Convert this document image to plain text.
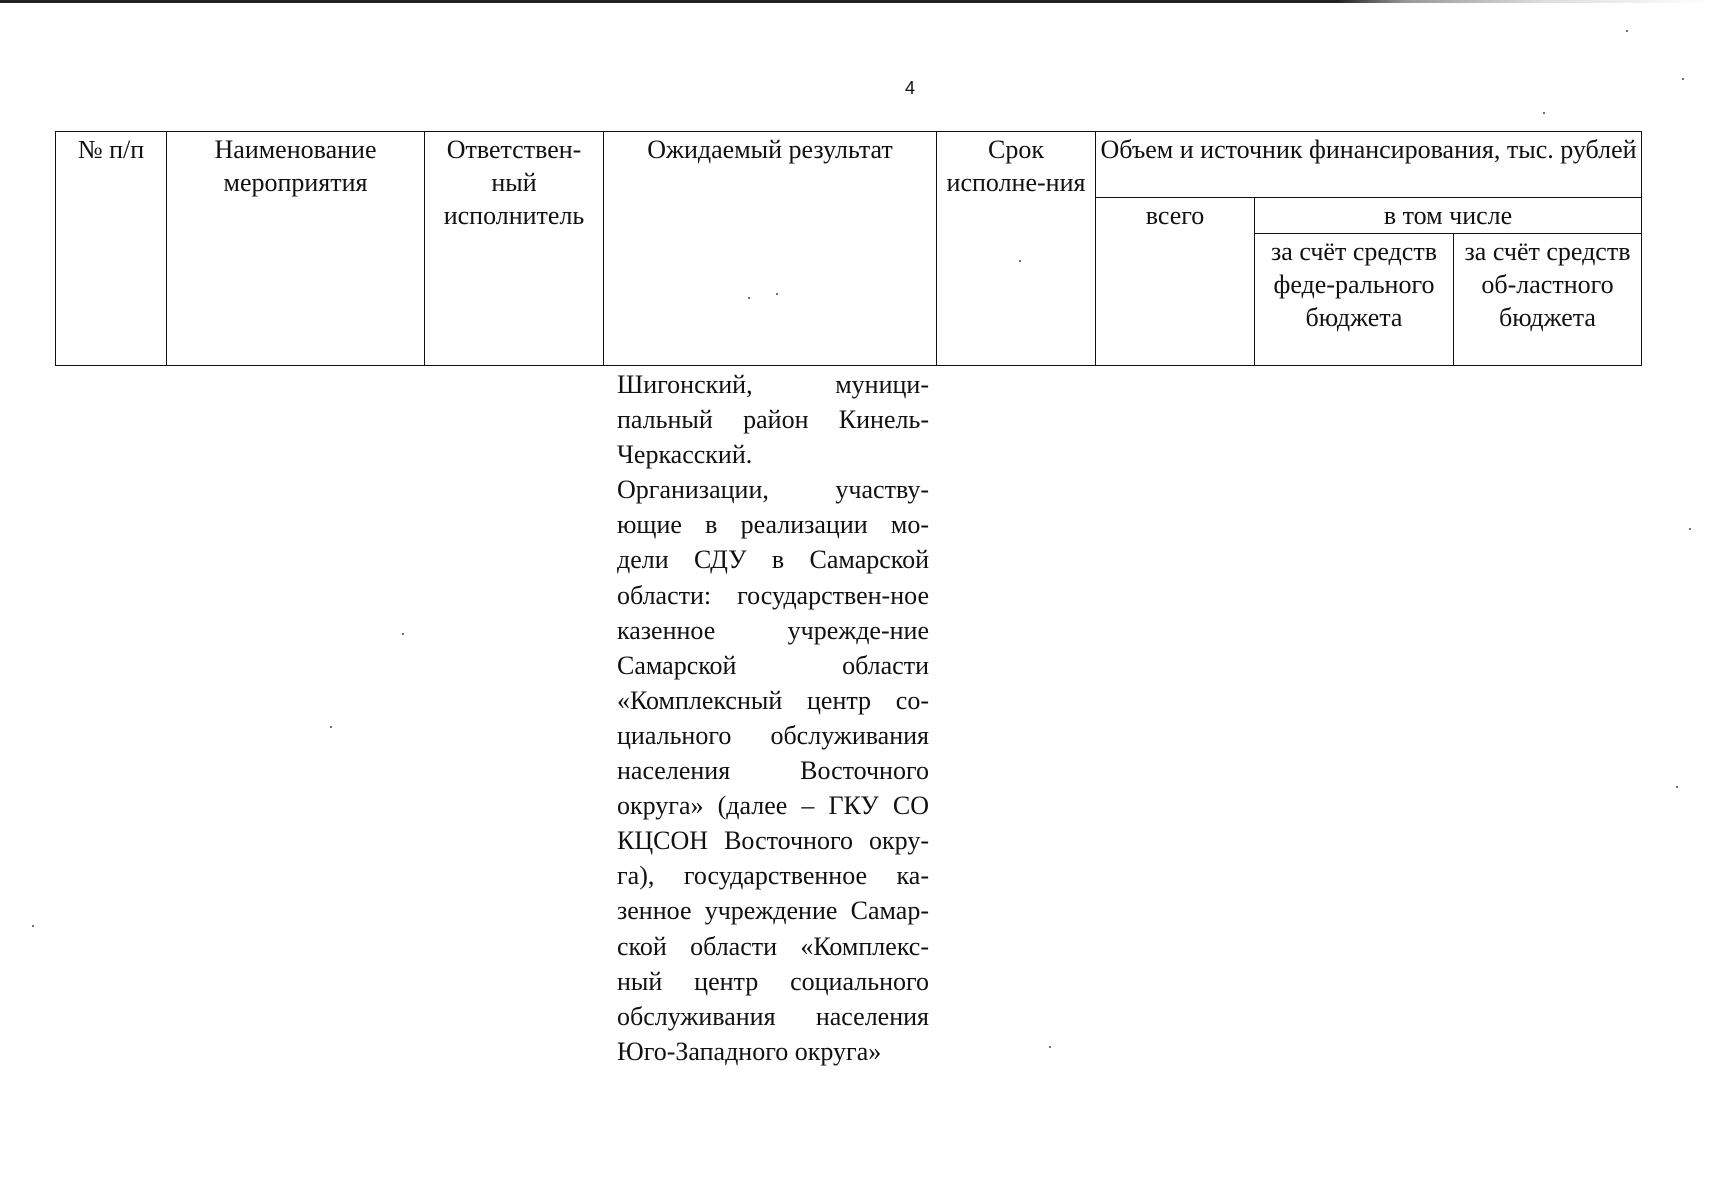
4
№ п/п	Наименование мероприятия	Ответствен-ный исполнитель	Ожидаемый результат	Срок исполне-ния	Объем и источник финансирования, тыс. рублей		
					всего	в том числе	
						за счёт средств феде-рального бюджета	за счёт средств об-ластного бюджета

Шигонский, муници-пальный район Кинель-Черкасский.

Организации, участву-ющие в реализации мо-дели СДУ в Самарской области: государствен-ное казенное учрежде-ние Самарской области «Комплексный центр со-циального обслуживания населения Восточного округа» (далее – ГКУ СО КЦСОН Восточного окру-га), государственное ка-зенное учреждение Самар-ской области «Комплекс-ный центр социального обслуживания населения Юго-Западного округа»
